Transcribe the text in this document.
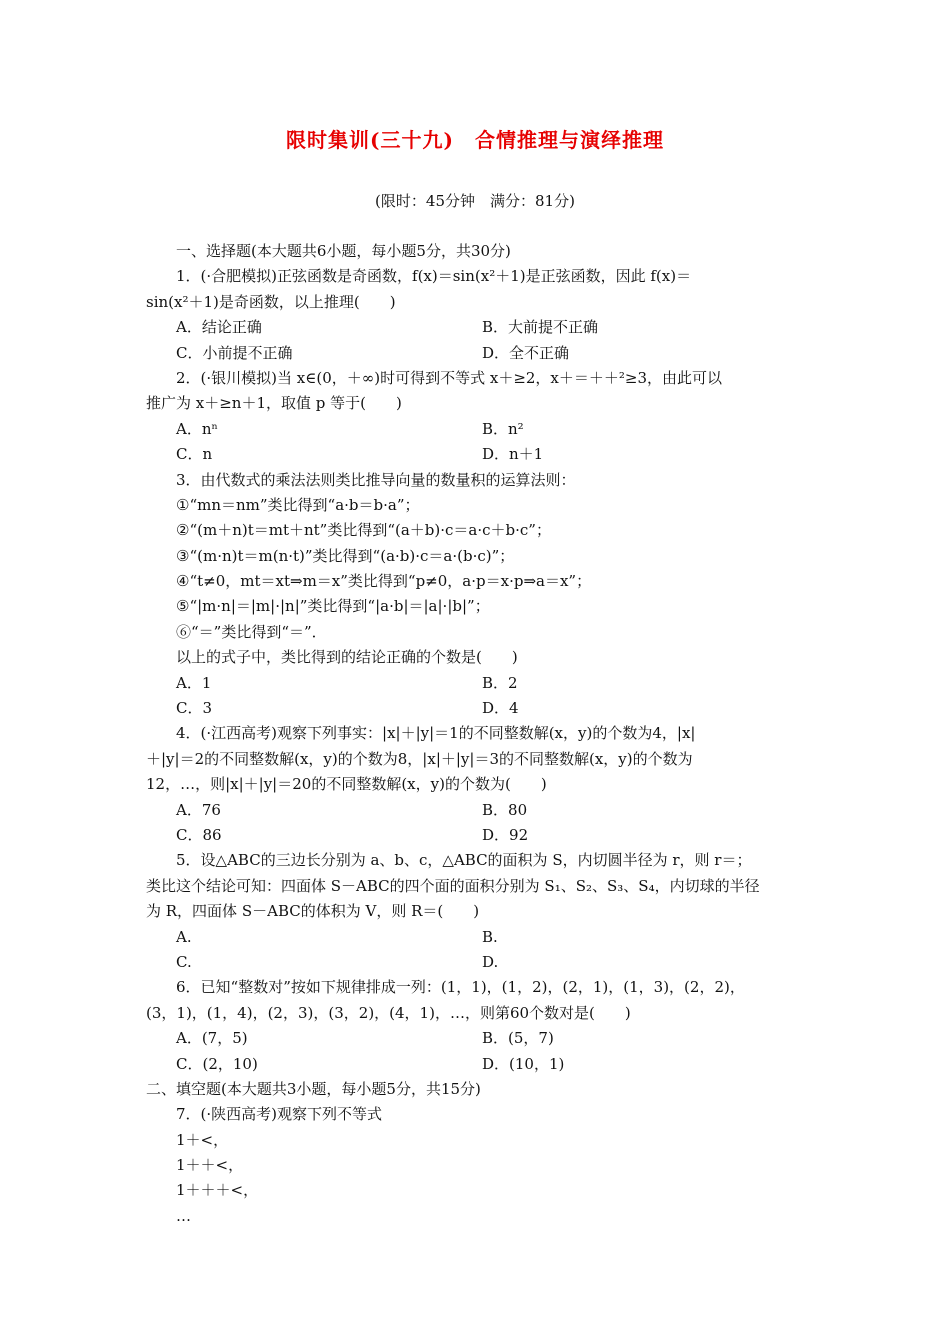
限时集训(三十九)　合情推理与演绎推理
(限时：45分钟　满分：81分)
一、选择题(本大题共6小题，每小题5分，共30分)
1．(·合肥模拟)正弦函数是奇函数，f(x)＝sin(x²＋1)是正弦函数，因此 f(x)＝
sin(x²＋1)是奇函数，以上推理(　　)
A．结论正确	B．大前提不正确
C．小前提不正确	D．全不正确
2．(·银川模拟)当 x∈(0，＋∞)时可得到不等式 x＋≥2，x＋＝＋＋²≥3，由此可以
推广为 x＋≥n＋1，取值 p 等于(　　)
A．nⁿ	B．n²
C．n	D．n＋1
3．由代数式的乘法法则类比推导向量的数量积的运算法则：
①“mn＝nm”类比得到“a·b＝b·a”；
②“(m＋n)t＝mt＋nt”类比得到“(a＋b)·c＝a·c＋b·c”；
③“(m·n)t＝m(n·t)”类比得到“(a·b)·c＝a·(b·c)”；
④“t≠0，mt＝xt⇒m＝x”类比得到“p≠0，a·p＝x·p⇒a＝x”；
⑤“|m·n|＝|m|·|n|”类比得到“|a·b|＝|a|·|b|”；
⑥“＝”类比得到“＝”．
以上的式子中，类比得到的结论正确的个数是(　　)
A．1	B．2
C．3	D．4
4．(·江西高考)观察下列事实：|x|＋|y|＝1的不同整数解(x，y)的个数为4，|x|
＋|y|＝2的不同整数解(x，y)的个数为8，|x|＋|y|＝3的不同整数解(x，y)的个数为
12，…，则|x|＋|y|＝20的不同整数解(x，y)的个数为(　　)
A．76	B．80
C．86	D．92
5．设△ABC的三边长分别为 a、b、c，△ABC的面积为 S，内切圆半径为 r，则 r＝；
类比这个结论可知：四面体 S－ABC的四个面的面积分别为 S₁、S₂、S₃、S₄，内切球的半径
为 R，四面体 S－ABC的体积为 V，则 R＝(　　)
A.	B.
C.	D.
6．已知“整数对”按如下规律排成一列：(1，1)，(1，2)，(2，1)，(1，3)，(2，2)，
(3，1)，(1，4)，(2，3)，(3，2)，(4，1)，…，则第60个数对是(　　)
A．(7，5)	B．(5，7)
C．(2，10)	D．(10，1)
二、填空题(本大题共3小题，每小题5分，共15分)
7．(·陕西高考)观察下列不等式
1＋<，
1＋＋<，
1＋＋＋<，
…
